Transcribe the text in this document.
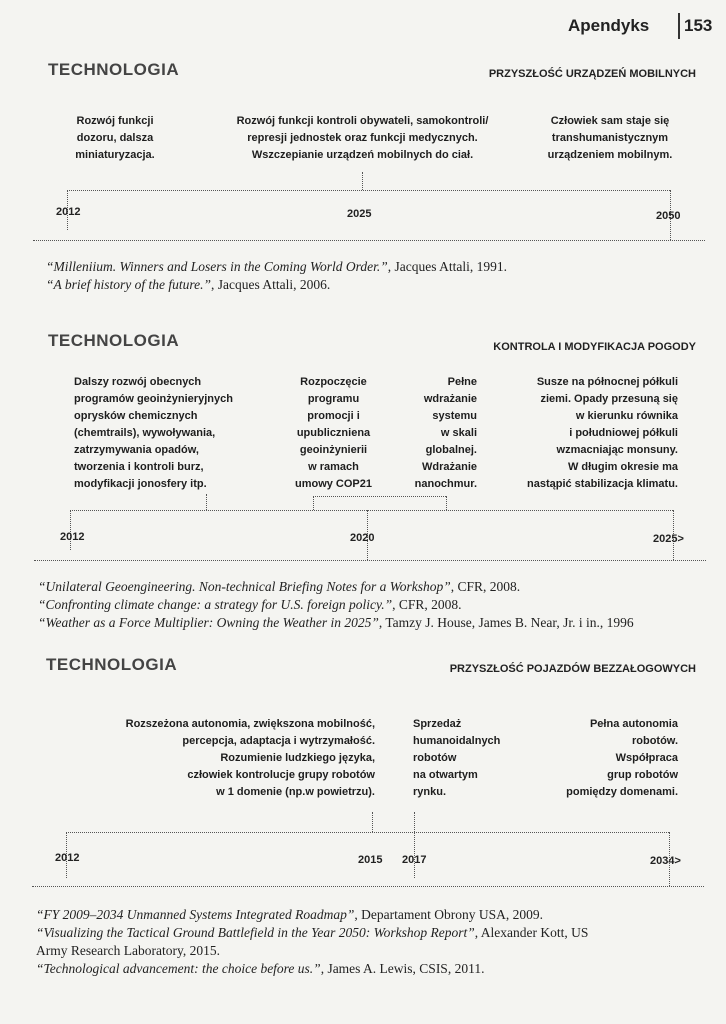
Apendyks 153
TECHNOLOGIA	PRZYSZŁOŚĆ URZĄDZEŃ MOBILNYCH
Rozwój funkcji
dozoru, dalsza
miniaturyzacja.
Rozwój funkcji kontroli obywateli, samokontroli/
represji jednostek oraz funkcji medycznych.
Wszczepianie urządzeń mobilnych do ciał.
Człowiek sam staje się
transhumanistycznym
urządzeniem mobilnym.
2012	2025	2050
“Milleniium. Winners and Losers in the Coming World Order.”, Jacques Attali, 1991.
“A brief history of the future.”, Jacques Attali, 2006.
TECHNOLOGIA	KONTROLA I MODYFIKACJA POGODY
Dalszy rozwój obecnych
programów geoinżynieryjnych
oprysków chemicznych
(chemtrails), wywoływania,
zatrzymywania opadów,
tworzenia i kontroli burz,
modyfikacji jonosfery itp.
Rozpoczęcie
programu
promocji i
upubliczniena
geoinżynierii
w ramach
umowy COP21
Pełne
wdrażanie
systemu
w skali
globalnej.
Wdrażanie
nanochmur.
Susze na północnej półkuli
ziemi. Opady przesuną się
w kierunku równika
i południowej półkuli
wzmacniając monsuny.
W długim okresie ma
nastąpić stabilizacja klimatu.
2012	2020	2025>
“Unilateral Geoengineering. Non-technical Briefing Notes for a Workshop”, CFR, 2008.
“Confronting climate change: a strategy for U.S. foreign policy.”, CFR, 2008.
“Weather as a Force Multiplier: Owning the Weather in 2025”, Tamzy J. House, James B. Near, Jr. i in., 1996
TECHNOLOGIA	PRZYSZŁOŚĆ POJAZDÓW BEZZAŁOGOWYCH
Rozszeżona autonomia, zwiększona mobilność,
percepcja, adaptacja i wytrzymałość.
Rozumienie ludzkiego języka,
człowiek kontrolucje grupy robotów
w 1 domenie (np.w powietrzu).
Sprzedaż
humanoidalnych
robotów
na otwartym
rynku.
Pełna autonomia
robotów.
Współpraca
grup robotów
pomiędzy domenami.
2012	2015 2017	2034>
“FY 2009–2034 Unmanned Systems Integrated Roadmap”, Departament Obrony USA, 2009.
“Visualizing the Tactical Ground Battlefield in the Year 2050: Workshop Report”, Alexander Kott, US
Army Research Laboratory, 2015.
“Technological advancement: the choice before us.”, James A. Lewis, CSIS, 2011.
